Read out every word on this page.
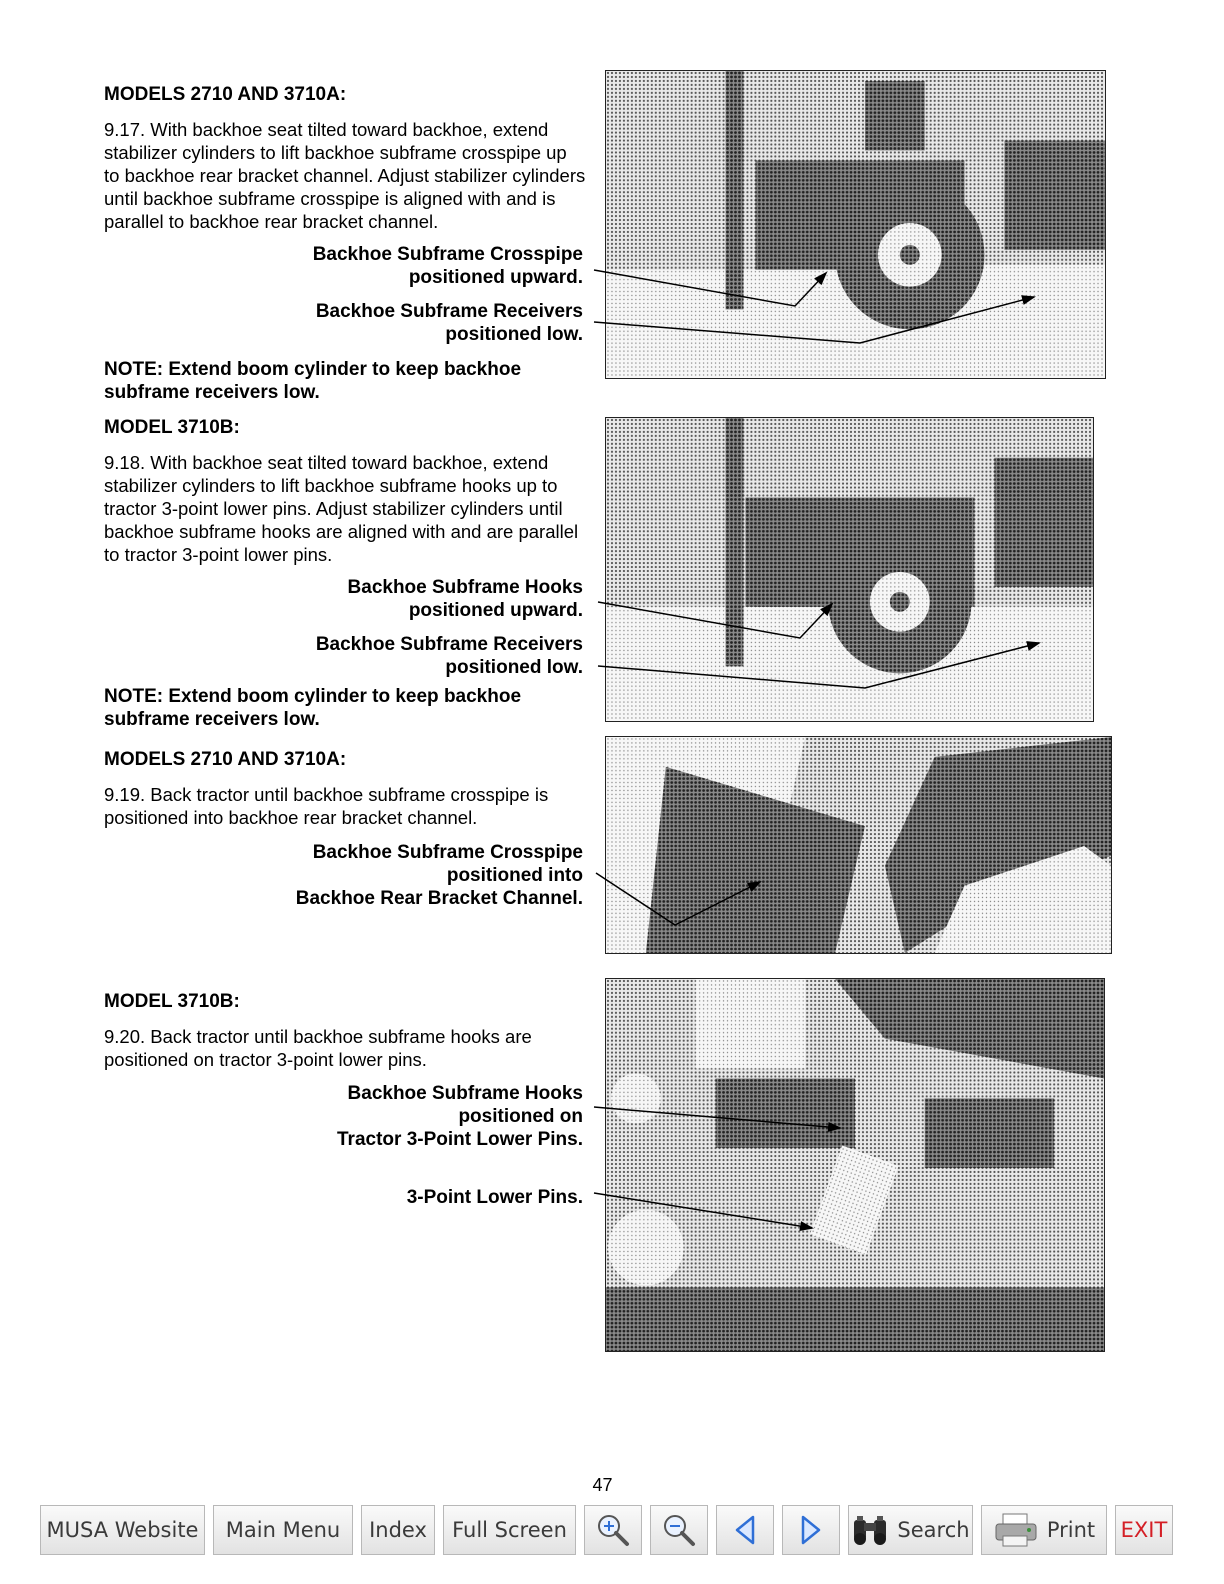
MODELS 2710 AND 3710A:
9.17. With backhoe seat tilted toward backhoe, extend stabilizer cylinders to lift backhoe subframe crosspipe up to backhoe rear bracket channel. Adjust stabilizer cylinders until backhoe subframe crosspipe is aligned with and is parallel to backhoe rear bracket channel.
Backhoe Subframe Crosspipe
positioned upward.
Backhoe Subframe Receivers
positioned low.
NOTE: Extend boom cylinder to keep backhoe subframe receivers low.
MODEL 3710B:
9.18. With backhoe seat tilted toward backhoe, extend stabilizer cylinders to lift backhoe subframe hooks up to tractor 3-point lower pins. Adjust stabilizer cylinders until backhoe subframe hooks are aligned with and are parallel to tractor 3-point lower pins.
Backhoe Subframe Hooks
positioned upward.
Backhoe Subframe Receivers
positioned low.
NOTE: Extend boom cylinder to keep backhoe subframe receivers low.
MODELS 2710 AND 3710A:
9.19. Back tractor until backhoe subframe crosspipe is positioned into backhoe rear bracket channel.
Backhoe Subframe Crosspipe
positioned into
Backhoe Rear Bracket Channel.
MODEL 3710B:
9.20. Back tractor until backhoe subframe hooks are positioned on tractor 3-point lower pins.
Backhoe Subframe Hooks
positioned on
Tractor 3-Point Lower Pins.
3-Point Lower Pins.
47
MUSA Website	Main Menu	Index	Full Screen	Search	Print EXIT
